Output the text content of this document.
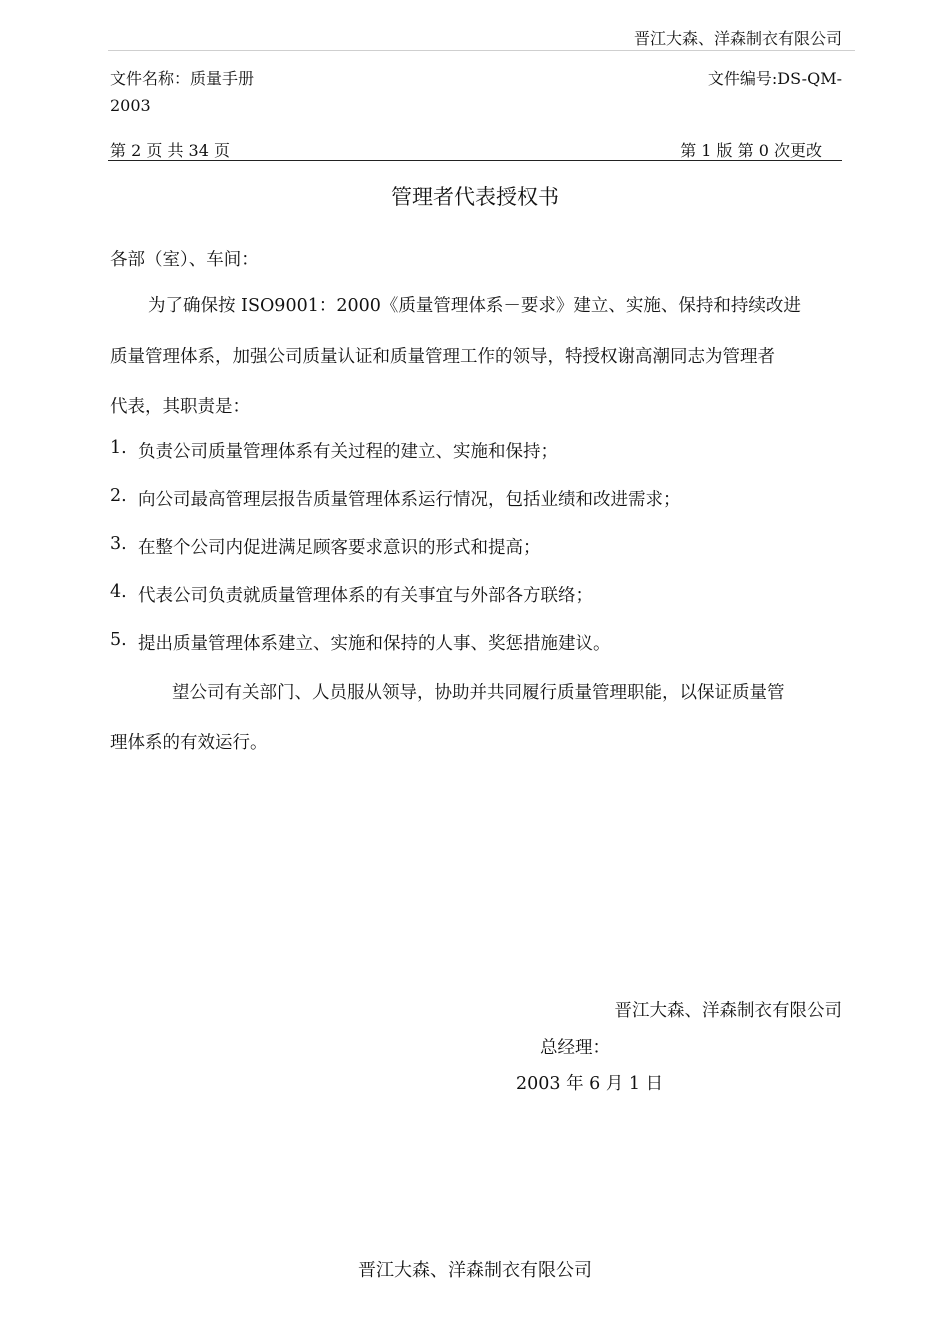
晋江大森、洋森制衣有限公司
文件名称：质量手册	文件编号:DS-QM-
2003
第 2 页 共 34 页	第 1 版 第 0 次更改
管理者代表授权书
各部（室）、车间：
为了确保按 ISO9001：2000《质量管理体系－要求》建立、实施、保持和持续改进
质量管理体系，加强公司质量认证和质量管理工作的领导，特授权谢高潮同志为管理者
代表，其职责是：
1. 负责公司质量管理体系有关过程的建立、实施和保持；
2. 向公司最高管理层报告质量管理体系运行情况，包括业绩和改进需求；
3. 在整个公司内促进满足顾客要求意识的形式和提高；
4. 代表公司负责就质量管理体系的有关事宜与外部各方联络；
5. 提出质量管理体系建立、实施和保持的人事、奖惩措施建议。
望公司有关部门、人员服从领导，协助并共同履行质量管理职能，以保证质量管
理体系的有效运行。
晋江大森、洋森制衣有限公司
总经理：
2003 年 6 月 1 日
晋江大森、洋森制衣有限公司
